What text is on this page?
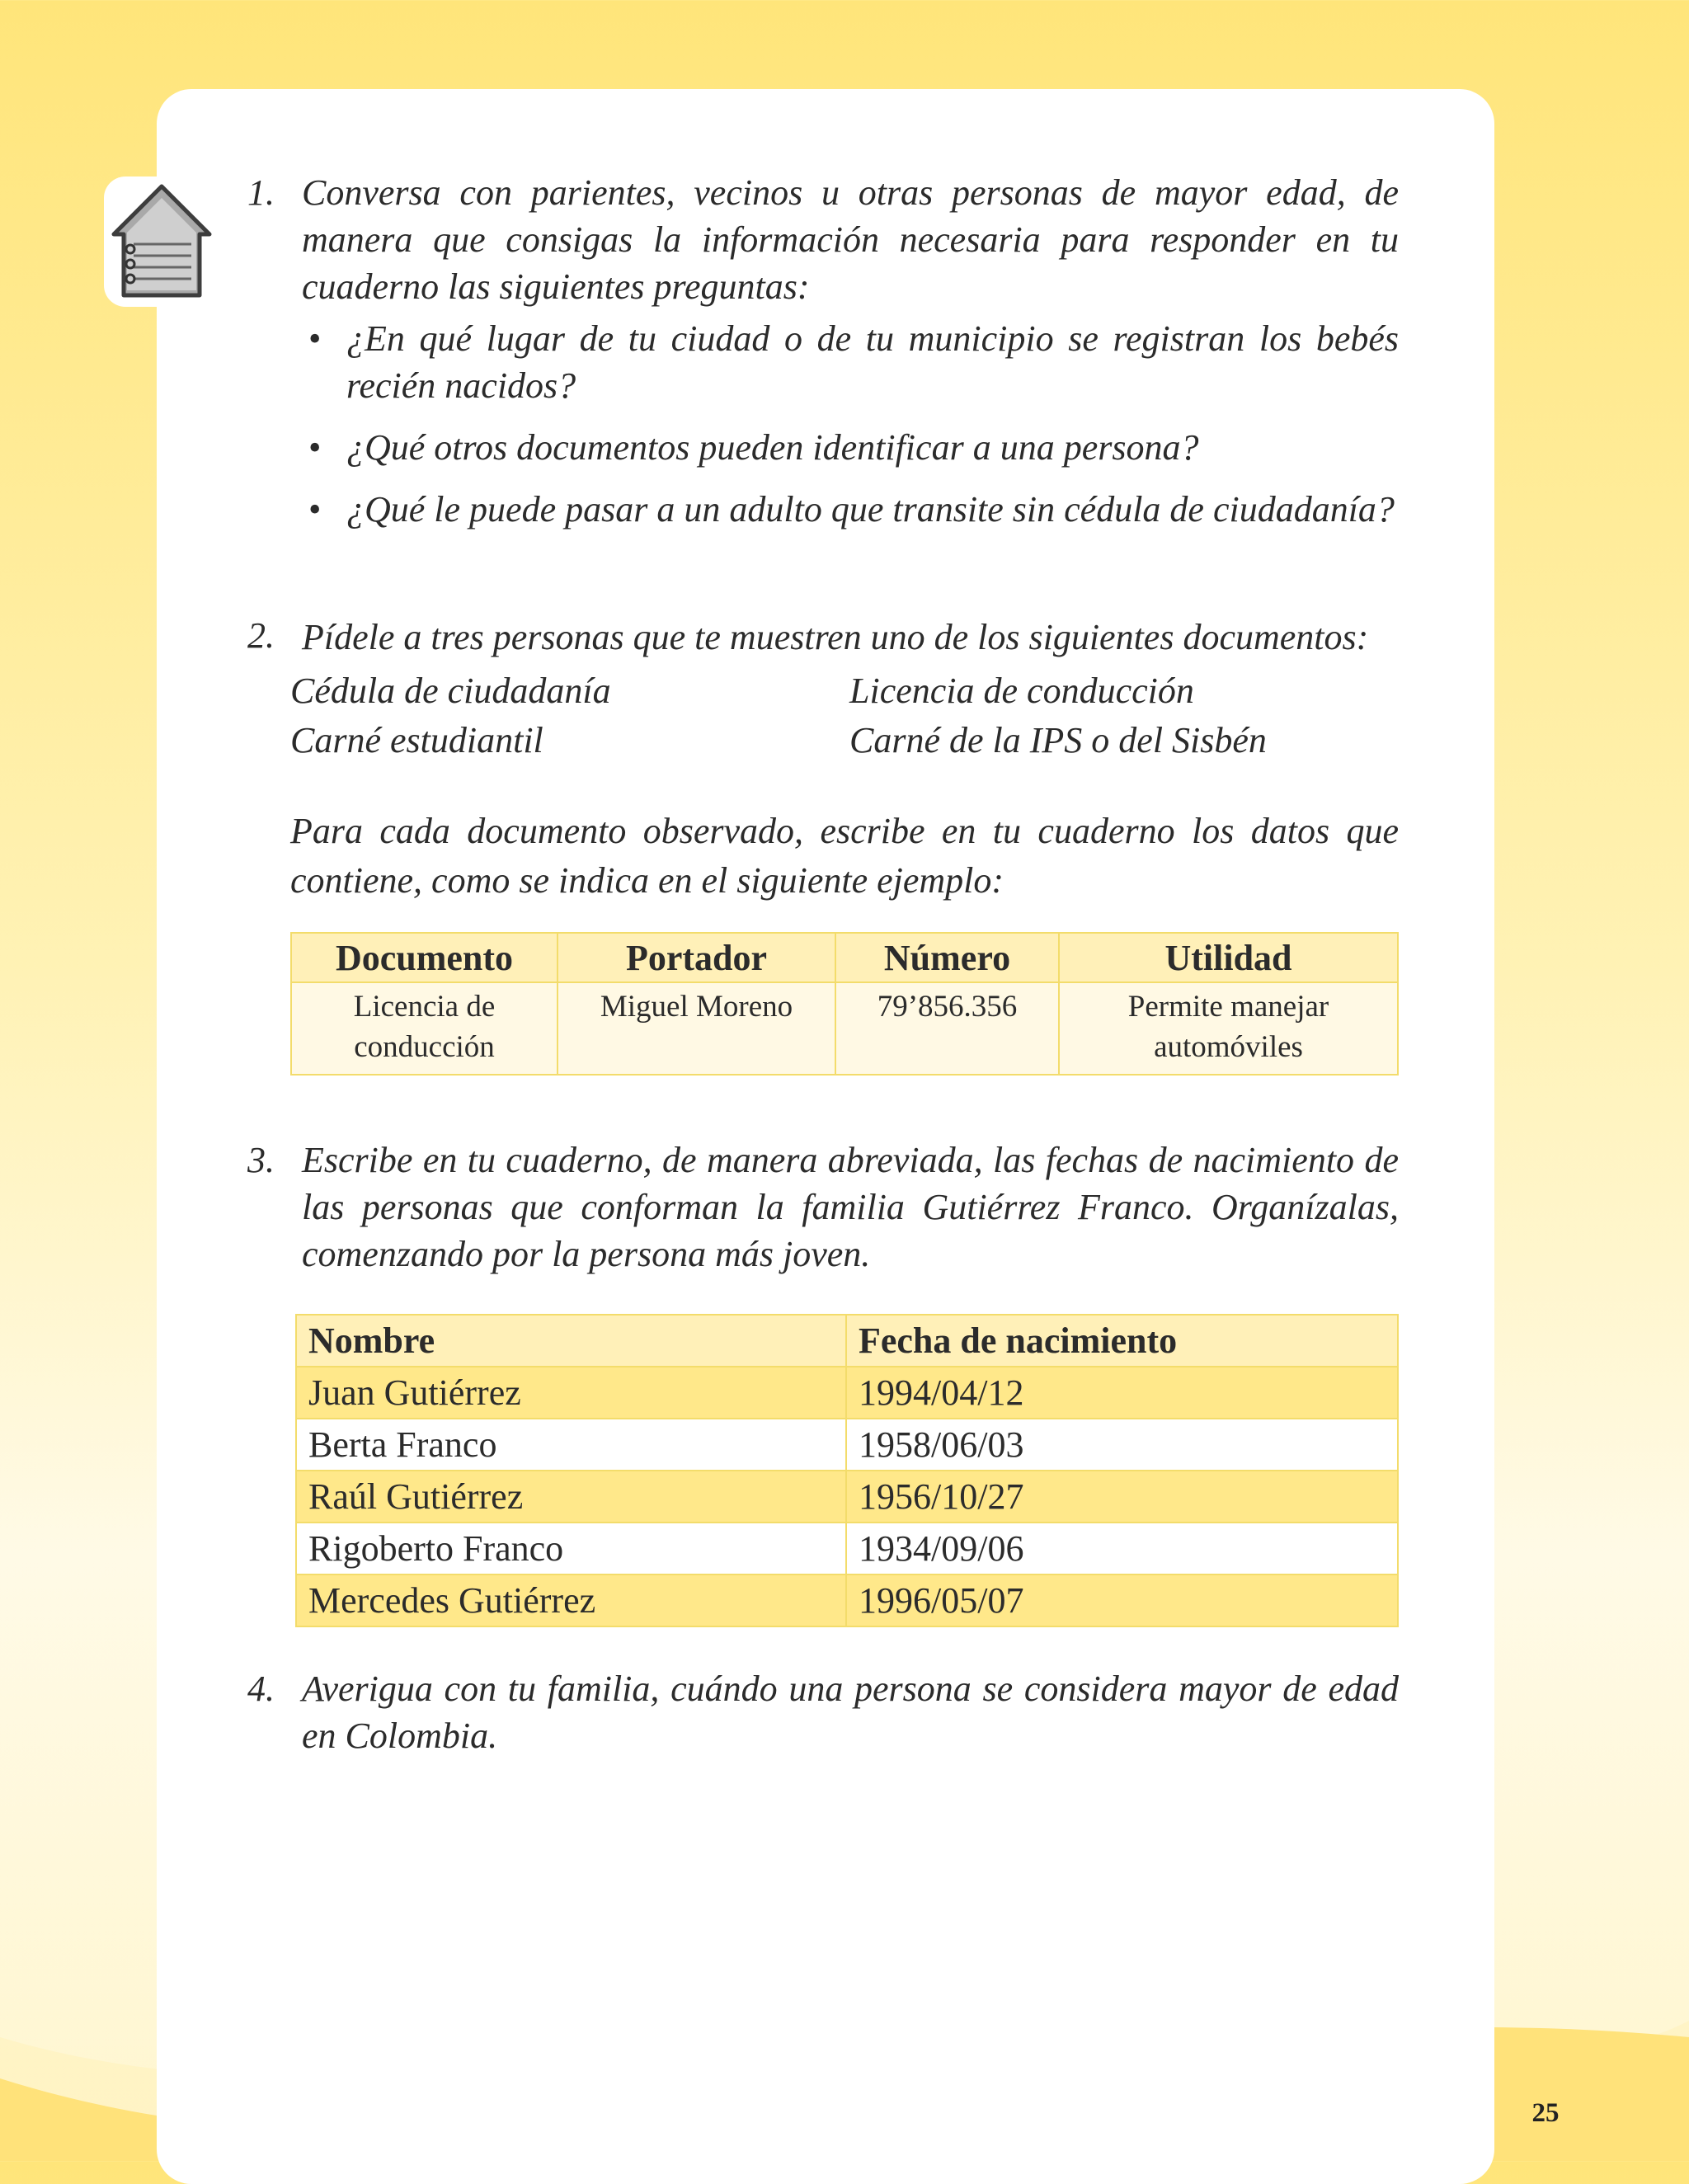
1. Conversa con parientes, vecinos u otras personas de mayor edad, de manera que consigas la información necesaria para responder en tu cuaderno las siguientes preguntas:
• ¿En qué lugar de tu ciudad o de tu municipio se registran los bebés recién nacidos?
• ¿Qué otros documentos pueden identificar a una persona?
• ¿Qué le puede pasar a un adulto que transite sin cédula de ciudadanía?
2. Pídele a tres personas que te muestren uno de los siguientes documentos:
Cédula de ciudadanía	Licencia de conducción
Carné estudiantil	Carné de la IPS o del Sisbén
Para cada documento observado, escribe en tu cuaderno los datos que contiene, como se indica en el siguiente ejemplo:
Documento	Portador	Número	Utilidad
Licencia de conducción	Miguel Moreno	79’856.356	Permite manejar automóviles
3. Escribe en tu cuaderno, de manera abreviada, las fechas de nacimiento de las personas que conforman la familia Gutiérrez Franco. Organízalas, comenzando por la persona más joven.
Nombre	Fecha de nacimiento
Juan Gutiérrez	1994/04/12
Berta Franco	1958/06/03
Raúl Gutiérrez	1956/10/27
Rigoberto Franco	1934/09/06
Mercedes Gutiérrez	1996/05/07
4. Averigua con tu familia, cuándo una persona se considera mayor de edad en Colombia.
25
